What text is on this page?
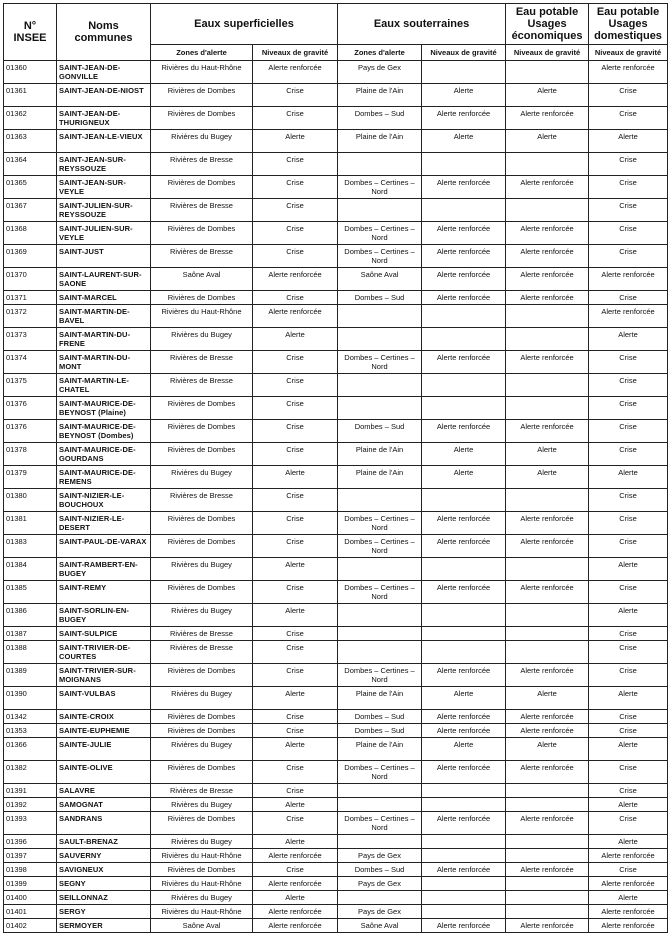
N° INSEE	Noms communes	Eaux superficielles		Eaux souterraines		Eau potable Usages économiques	Eau potable Usages domestiques
		Zones d'alerte	Niveaux de gravité	Zones d'alerte	Niveaux de gravité	Niveaux de gravité	Niveaux de gravité
01360	SAINT-JEAN-DE-GONVILLE	Rivières du Haut-Rhône	Alerte renforcée	Pays de Gex			Alerte renforcée
01361	SAINT-JEAN-DE-NIOST	Rivières de Dombes	Crise	Plaine de l'Ain	Alerte	Alerte	Crise
01362	SAINT-JEAN-DE-THURIGNEUX	Rivières de Dombes	Crise	Dombes – Sud	Alerte renforcée	Alerte renforcée	Crise
01363	SAINT-JEAN-LE-VIEUX	Rivières du Bugey	Alerte	Plaine de l'Ain	Alerte	Alerte	Alerte
01364	SAINT-JEAN-SUR-REYSSOUZE	Rivières de Bresse	Crise				Crise
01365	SAINT-JEAN-SUR-VEYLE	Rivières de Dombes	Crise	Dombes – Certines – Nord	Alerte renforcée	Alerte renforcée	Crise
01367	SAINT-JULIEN-SUR-REYSSOUZE	Rivières de Bresse	Crise				Crise
01368	SAINT-JULIEN-SUR-VEYLE	Rivières de Dombes	Crise	Dombes – Certines – Nord	Alerte renforcée	Alerte renforcée	Crise
01369	SAINT-JUST	Rivières de Bresse	Crise	Dombes – Certines – Nord	Alerte renforcée	Alerte renforcée	Crise
01370	SAINT-LAURENT-SUR-SAONE	Saône Aval	Alerte renforcée	Saône Aval	Alerte renforcée	Alerte renforcée	Alerte renforcée
01371	SAINT-MARCEL	Rivières de Dombes	Crise	Dombes – Sud	Alerte renforcée	Alerte renforcée	Crise
01372	SAINT-MARTIN-DE-BAVEL	Rivières du Haut-Rhône	Alerte renforcée				Alerte renforcée
01373	SAINT-MARTIN-DU-FRENE	Rivières du Bugey	Alerte				Alerte
01374	SAINT-MARTIN-DU-MONT	Rivières de Bresse	Crise	Dombes – Certines – Nord	Alerte renforcée	Alerte renforcée	Crise
01375	SAINT-MARTIN-LE-CHATEL	Rivières de Bresse	Crise				Crise
01376	SAINT-MAURICE-DE-BEYNOST (Plaine)	Rivières de Dombes	Crise				Crise
01376	SAINT-MAURICE-DE-BEYNOST (Dombes)	Rivières de Dombes	Crise	Dombes – Sud	Alerte renforcée	Alerte renforcée	Crise
01378	SAINT-MAURICE-DE-GOURDANS	Rivières de Dombes	Crise	Plaine de l'Ain	Alerte	Alerte	Crise
01379	SAINT-MAURICE-DE-REMENS	Rivières du Bugey	Alerte	Plaine de l'Ain	Alerte	Alerte	Alerte
01380	SAINT-NIZIER-LE-BOUCHOUX	Rivières de Bresse	Crise				Crise
01381	SAINT-NIZIER-LE-DESERT	Rivières de Dombes	Crise	Dombes – Certines – Nord	Alerte renforcée	Alerte renforcée	Crise
01383	SAINT-PAUL-DE-VARAX	Rivières de Dombes	Crise	Dombes – Certines – Nord	Alerte renforcée	Alerte renforcée	Crise
01384	SAINT-RAMBERT-EN-BUGEY	Rivières du Bugey	Alerte				Alerte
01385	SAINT-REMY	Rivières de Dombes	Crise	Dombes – Certines – Nord	Alerte renforcée	Alerte renforcée	Crise
01386	SAINT-SORLIN-EN-BUGEY	Rivières du Bugey	Alerte				Alerte
01387	SAINT-SULPICE	Rivières de Bresse	Crise				Crise
01388	SAINT-TRIVIER-DE-COURTES	Rivières de Bresse	Crise				Crise
01389	SAINT-TRIVIER-SUR-MOIGNANS	Rivières de Dombes	Crise	Dombes – Certines – Nord	Alerte renforcée	Alerte renforcée	Crise
01390	SAINT-VULBAS	Rivières du Bugey	Alerte	Plaine de l'Ain	Alerte	Alerte	Alerte
01342	SAINTE-CROIX	Rivières de Dombes	Crise	Dombes – Sud	Alerte renforcée	Alerte renforcée	Crise
01353	SAINTE-EUPHEMIE	Rivières de Dombes	Crise	Dombes – Sud	Alerte renforcée	Alerte renforcée	Crise
01366	SAINTE-JULIE	Rivières du Bugey	Alerte	Plaine de l'Ain	Alerte	Alerte	Alerte
01382	SAINTE-OLIVE	Rivières de Dombes	Crise	Dombes – Certines – Nord	Alerte renforcée	Alerte renforcée	Crise
01391	SALAVRE	Rivières de Bresse	Crise				Crise
01392	SAMOGNAT	Rivières du Bugey	Alerte				Alerte
01393	SANDRANS	Rivières de Dombes	Crise	Dombes – Certines – Nord	Alerte renforcée	Alerte renforcée	Crise
01396	SAULT-BRENAZ	Rivières du Bugey	Alerte				Alerte
01397	SAUVERNY	Rivières du Haut-Rhône	Alerte renforcée	Pays de Gex			Alerte renforcée
01398	SAVIGNEUX	Rivières de Dombes	Crise	Dombes – Sud	Alerte renforcée	Alerte renforcée	Crise
01399	SEGNY	Rivières du Haut-Rhône	Alerte renforcée	Pays de Gex			Alerte renforcée
01400	SEILLONNAZ	Rivières du Bugey	Alerte				Alerte
01401	SERGY	Rivières du Haut-Rhône	Alerte renforcée	Pays de Gex			Alerte renforcée
01402	SERMOYER	Saône Aval	Alerte renforcée	Saône Aval	Alerte renforcée	Alerte renforcée	Alerte renforcée
